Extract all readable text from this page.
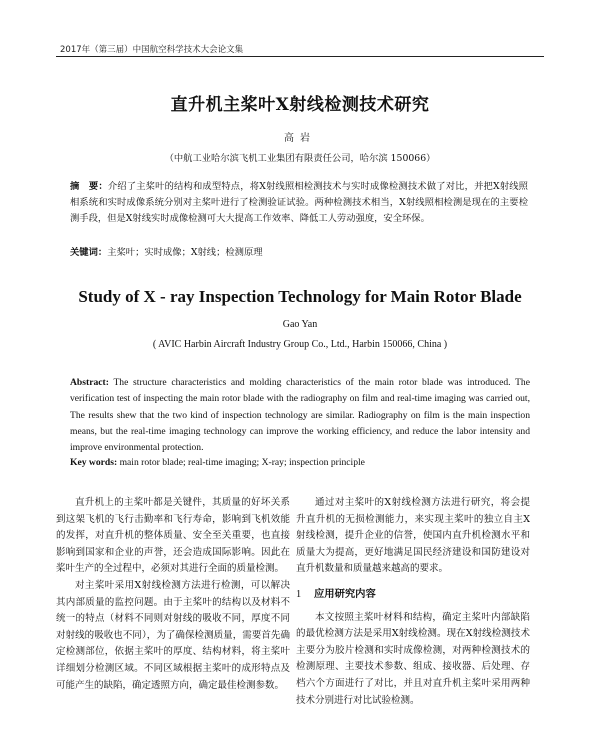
2017年（第三届）中国航空科学技术大会论文集
直升机主桨叶X射线检测技术研究
高岩
（中航工业哈尔滨飞机工业集团有限责任公司，哈尔滨 150066）
摘　要：介绍了主桨叶的结构和成型特点，将X射线照相检测技术与实时成像检测技术做了对比，并把X射线照相系统和实时成像系统分别对主桨叶进行了检测验证试验。两种检测技术相当，X射线照相检测是现在的主要检测手段，但是X射线实时成像检测可大大提高工作效率、降低工人劳动强度，安全环保。
关键词：主桨叶；实时成像；X射线；检测原理
Study of X - ray Inspection Technology for Main Rotor Blade
Gao Yan
( AVIC Harbin Aircraft Industry Group Co., Ltd., Harbin 150066, China )
Abstract: The structure characteristics and molding characteristics of the main rotor blade was introduced. The verification test of inspecting the main rotor blade with the radiography on film and real-time imaging was carried out, The results shew that the two kind of inspection technology are similar. Radiography on film is the main inspection means, but the real-time imaging technology can improve the working efficiency, and reduce the labor intensity and improve environmental protection.
Key words: main rotor blade; real-time imaging; X-ray; inspection principle

直升机上的主桨叶都是关键件，其质量的好坏关系到这架飞机的飞行击勤率和飞行寿命，影响到飞机效能的发挥，对直升机的整体质量、安全至关重要，也直接影响到国家和企业的声誉，还会造成国际影响。因此在桨叶生产的全过程中，必须对其进行全面的质量检测。

对主桨叶采用X射线检测方法进行检测，可以解决其内部质量的监控问题。由于主桨叶的结构以及材料不统一的特点（材料不同则对射线的吸收不同，厚度不同对射线的吸收也不同），为了确保检测质量，需要首先确定检测部位，依据主桨叶的厚度、结构材料，将主桨叶详细划分检测区域。不同区域根据主桨叶的成形特点及可能产生的缺陷，确定透照方向，确定最佳检测参数。

通过对主桨叶的X射线检测方法进行研究，将会提升直升机的无损检测能力，来实现主桨叶的独立自主X射线检测，提升企业的信誉，使国内直升机检测水平和质量大为提高，更好地满足国民经济建设和国防建设对直升机数量和质量越来越高的要求。

1 应用研究内容

本文按照主桨叶材料和结构，确定主桨叶内部缺陷的最优检测方法是采用X射线检测。现在X射线检测技术主要分为胶片检测和实时成像检测，对两种检测技术的检测原理、主要技术参数、组成、接收器、后处理、存档六个方面进行了对比，并且对直升机主桨叶采用两种技术分别进行对比试验检测。
